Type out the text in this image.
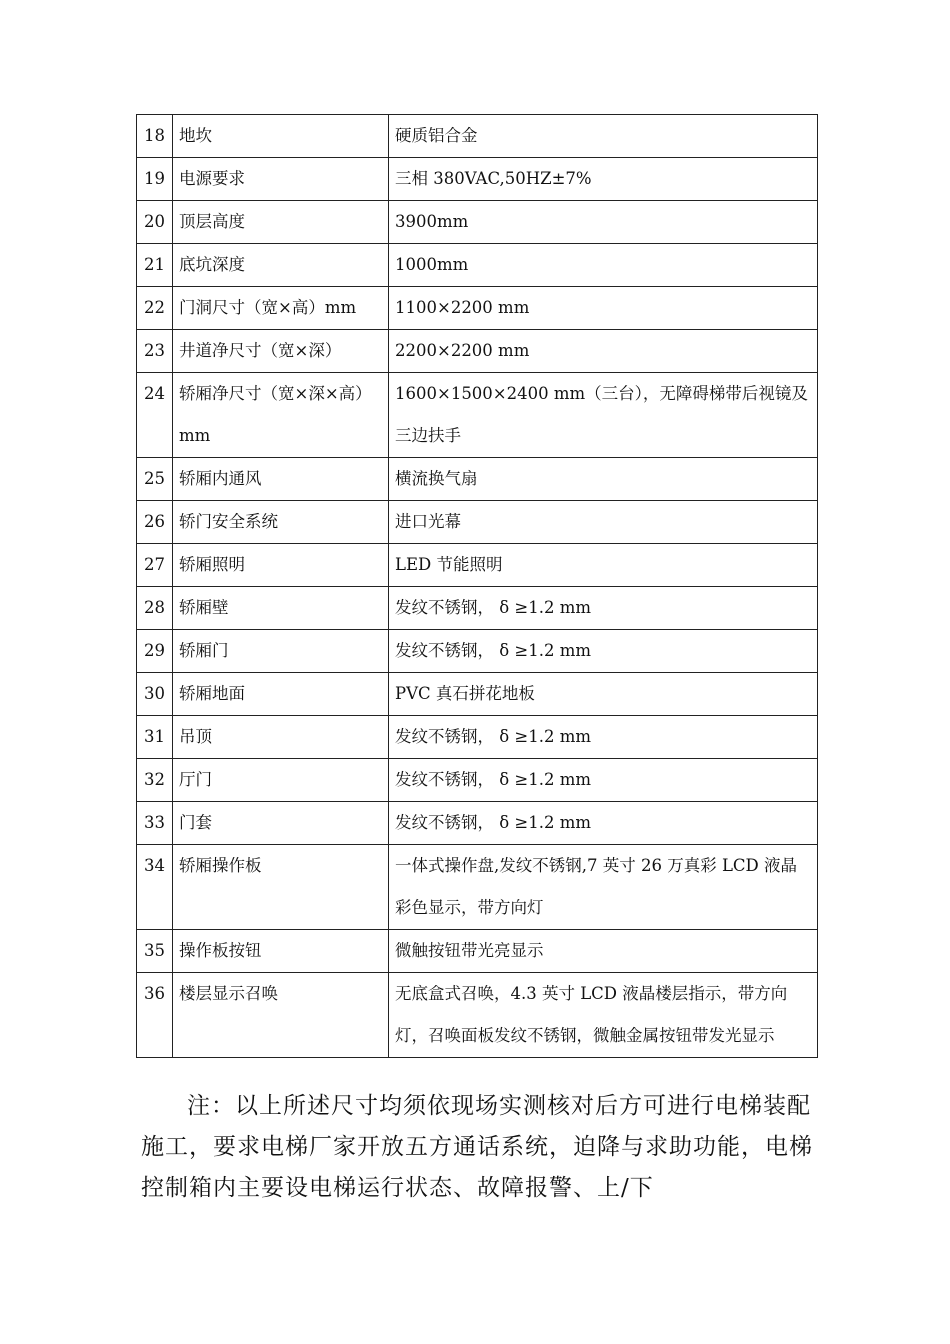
18	地坎	硬质铝合金
19	电源要求	三相 380VAC,50HZ±7%
20	顶层高度	3900mm
21	底坑深度	1000mm
22	门洞尺寸（宽×高）mm	1100×2200 mm
23	井道净尺寸（宽×深）	2200×2200 mm
24	轿厢净尺寸（宽×深×高）mm	1600×1500×2400 mm（三台），无障碍梯带后视镜及三边扶手
25	轿厢内通风	横流换气扇
26	轿门安全系统	进口光幕
27	轿厢照明	LED 节能照明
28	轿厢壁	发纹不锈钢， δ ≥1.2 mm
29	轿厢门	发纹不锈钢， δ ≥1.2 mm
30	轿厢地面	PVC 真石拼花地板
31	吊顶	发纹不锈钢， δ ≥1.2 mm
32	厅门	发纹不锈钢， δ ≥1.2 mm
33	门套	发纹不锈钢， δ ≥1.2 mm
34	轿厢操作板	一体式操作盘,发纹不锈钢,7 英寸 26 万真彩 LCD 液晶彩色显示，带方向灯
35	操作板按钮	微触按钮带光亮显示
36	楼层显示召唤	无底盒式召唤，4.3 英寸 LCD 液晶楼层指示，带方向灯，召唤面板发纹不锈钢，微触金属按钮带发光显示

注：以上所述尺寸均须依现场实测核对后方可进行电梯装配施工，要求电梯厂家开放五方通话系统，迫降与求助功能，电梯控制箱内主要设电梯运行状态、故障报警、上/下
